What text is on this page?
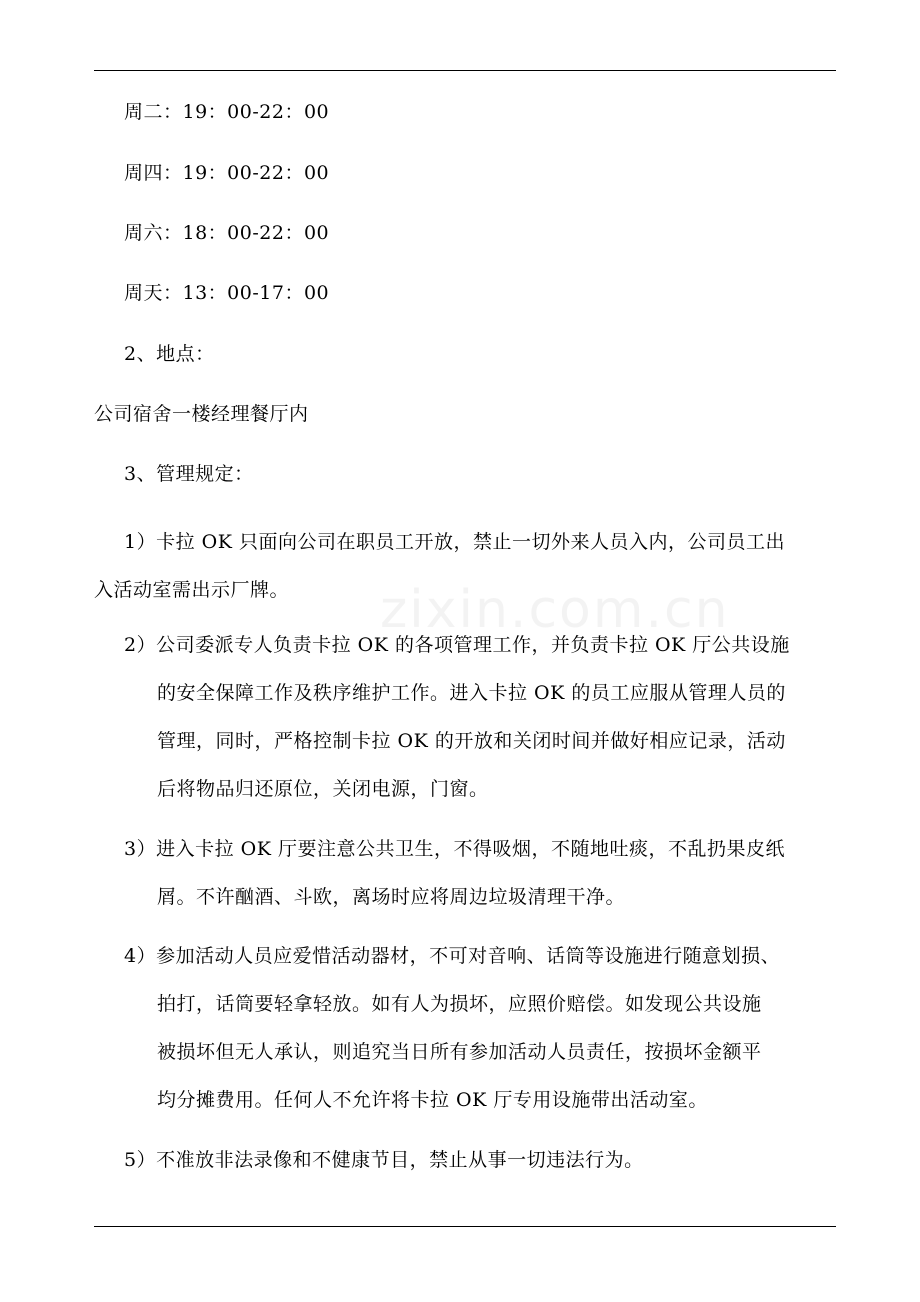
周二：19：00-22：00
周四：19：00-22：00
周六：18：00-22：00
周天：13：00-17：00
2、地点：
公司宿舍一楼经理餐厅内
3、管理规定：
1）卡拉 OK 只面向公司在职员工开放，禁止一切外来人员入内，公司员工出
入活动室需出示厂牌。
2）公司委派专人负责卡拉 OK 的各项管理工作，并负责卡拉 OK 厅公共设施
的安全保障工作及秩序维护工作。进入卡拉 OK 的员工应服从管理人员的
管理，同时，严格控制卡拉 OK 的开放和关闭时间并做好相应记录，活动
后将物品归还原位，关闭电源，门窗。
3）进入卡拉 OK 厅要注意公共卫生，不得吸烟，不随地吐痰，不乱扔果皮纸
屑。不许酗酒、斗欧，离场时应将周边垃圾清理干净。
4）参加活动人员应爱惜活动器材，不可对音响、话筒等设施进行随意划损、
拍打，话筒要轻拿轻放。如有人为损坏，应照价赔偿。如发现公共设施
被损坏但无人承认，则追究当日所有参加活动人员责任，按损坏金额平
均分摊费用。任何人不允许将卡拉 OK 厅专用设施带出活动室。
5）不准放非法录像和不健康节目，禁止从事一切违法行为。
zixin.com.cn
